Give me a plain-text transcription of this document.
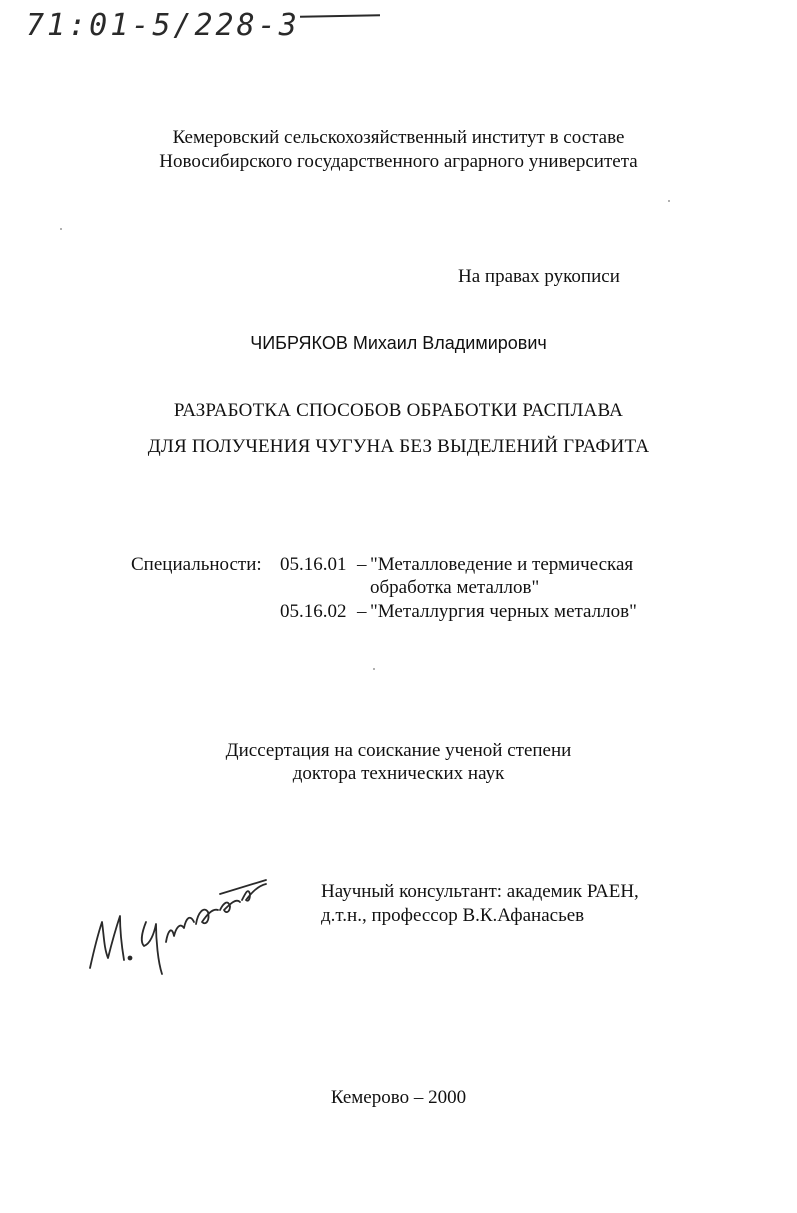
71:01-5/228-3
Кемеровский сельскохозяйственный институт в составе
Новосибирского государственного аграрного университета
На правах рукописи
ЧИБРЯКОВ Михаил Владимирович
РАЗРАБОТКА СПОСОБОВ ОБРАБОТКИ РАСПЛАВА
ДЛЯ ПОЛУЧЕНИЯ ЧУГУНА БЕЗ ВЫДЕЛЕНИЙ ГРАФИТА
Специальности: 05.16.01 – "Металловедение и термическая
обработка металлов"
05.16.02 – "Металлургия черных металлов"
Диссертация на соискание ученой степени
доктора технических наук
Научный консультант: академик РАЕН,
д.т.н., профессор В.К.Афанасьев
Кемерово – 2000
